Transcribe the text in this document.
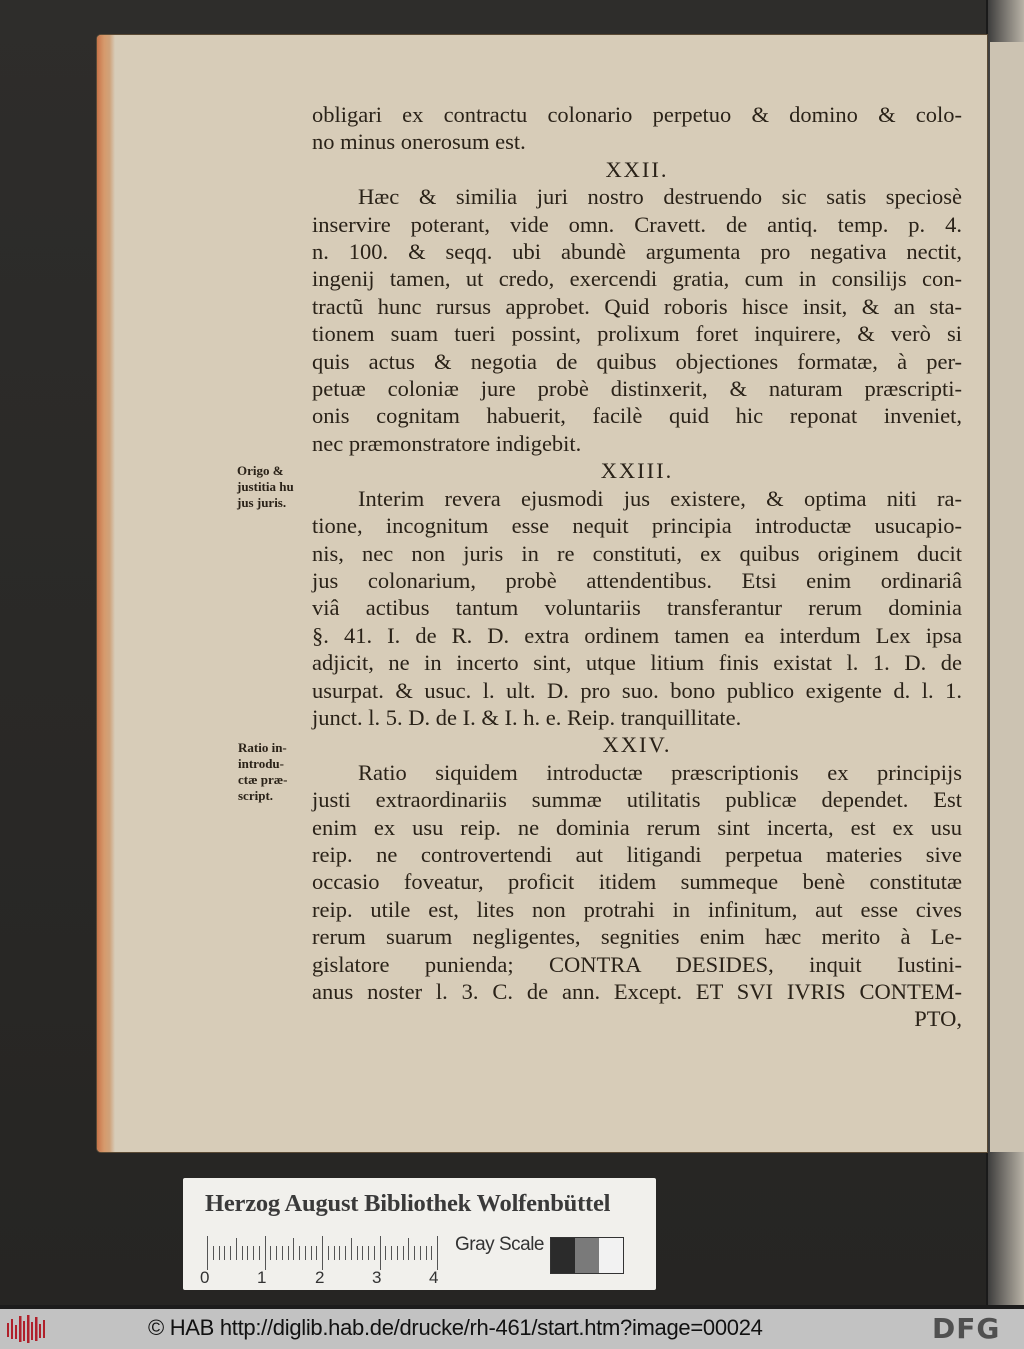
obligari ex contractu colonario perpetuo & domino & colo-
no minus onerosum est.
XXII.
Hæc & similia juri nostro destruendo sic satis speciosè
inservire poterant, vide omn. Cravett. de antiq. temp. p. 4.
n. 100. & seqq. ubi abundè argumenta pro negativa nectit,
ingenij tamen, ut credo, exercendi gratia, cum in consilijs con-
tractũ hunc rursus approbet. Quid roboris hisce insit, & an sta-
tionem suam tueri possint, prolixum foret inquirere, & verò si
quis actus & negotia de quibus objectiones formatæ, à per-
petuæ coloniæ jure probè distinxerit, & naturam præscripti-
onis cognitam habuerit, facilè quid hic reponat inveniet,
nec præmonstratore indigebit.
XXIII.
Interim revera ejusmodi jus existere, & optima niti ra-
tione, incognitum esse nequit principia introductæ usucapio-
nis, nec non juris in re constituti, ex quibus originem ducit
jus colonarium, probè attendentibus. Etsi enim ordinariâ
viâ actibus tantum voluntariis transferantur rerum dominia
§. 41. I. de R. D. extra ordinem tamen ea interdum Lex ipsa
adjicit, ne in incerto sint, utque litium finis existat l. 1. D. de
usurpat. & usuc. l. ult. D. pro suo. bono publico exigente d. l. 1.
junct. l. 5. D. de I. & I. h. e. Reip. tranquillitate.
XXIV.
Ratio siquidem introductæ præscriptionis ex principijs
justi extraordinariis summæ utilitatis publicæ dependet. Est
enim ex usu reip. ne dominia rerum sint incerta, est ex usu
reip. ne controvertendi aut litigandi perpetua materies sive
occasio foveatur, proficit itidem summeque benè constitutæ
reip. utile est, lites non protrahi in infinitum, aut esse cives
rerum suarum negligentes, segnities enim hæc merito à Le-
gislatore punienda; CONTRA DESIDES, inquit Iustini-
anus noster l. 3. C. de ann. Except. ET SVI IVRIS CONTEM-
PTO,
Origo &
justitia hu
jus juris.
Ratio in-
introdu-
ctæ præ-
script.
Herzog August Bibliothek Wolfenbüttel
0	1	2	3	4
Gray Scale
© HAB http://diglib.hab.de/drucke/rh-461/start.htm?image=00024	DFG
